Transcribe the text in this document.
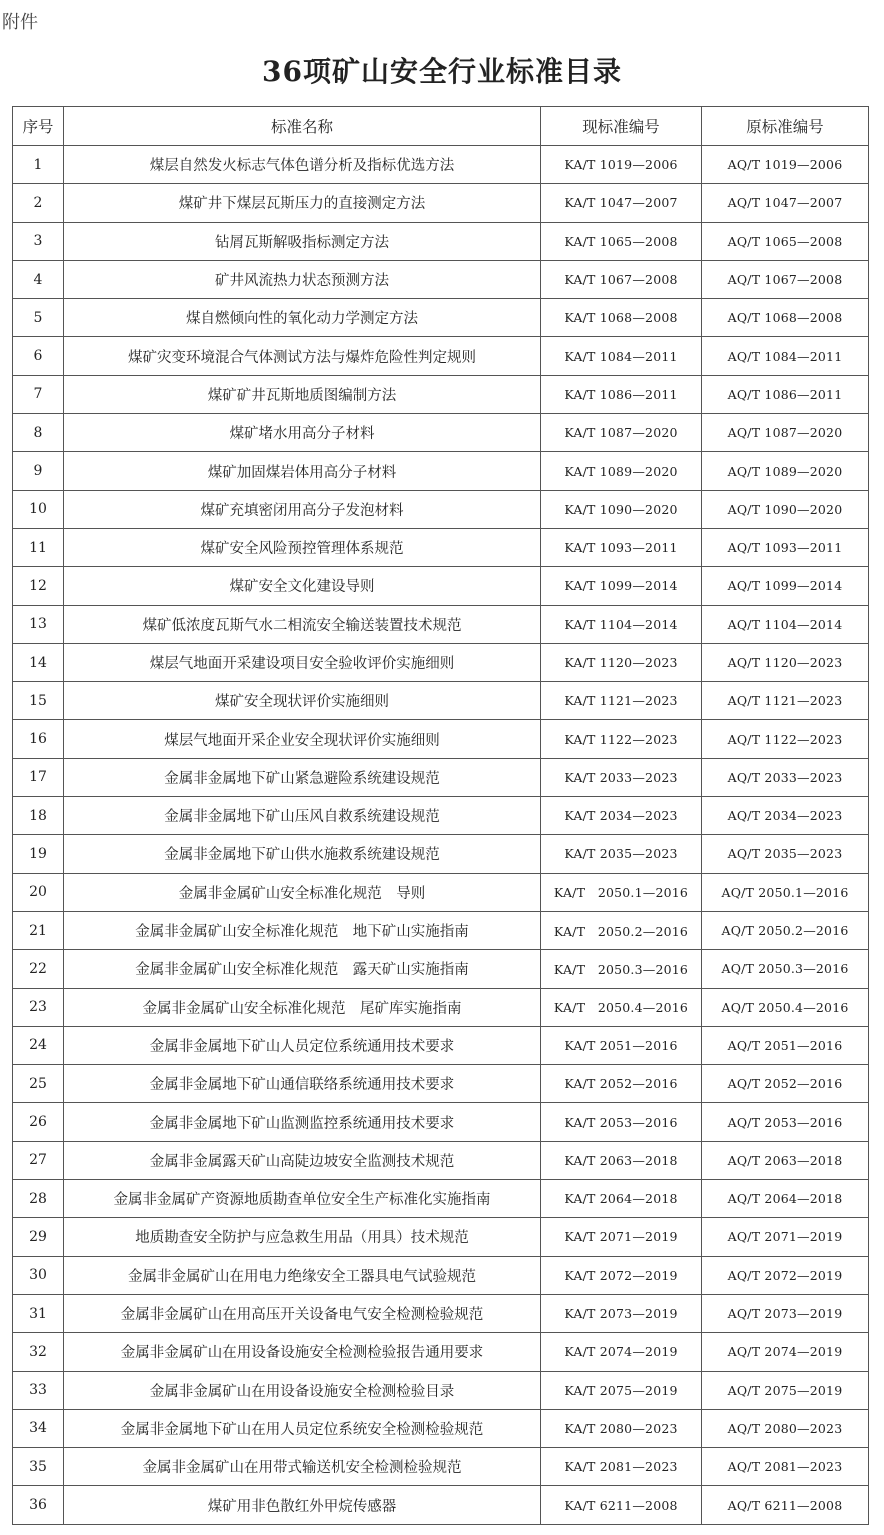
附件
36项矿山安全行业标准目录
序号	标准名称	现标准编号	原标准编号
1	煤层自然发火标志气体色谱分析及指标优选方法	KA/T 1019—2006	AQ/T 1019—2006
2	煤矿井下煤层瓦斯压力的直接测定方法	KA/T 1047—2007	AQ/T 1047—2007
3	钻屑瓦斯解吸指标测定方法	KA/T 1065—2008	AQ/T 1065—2008
4	矿井风流热力状态预测方法	KA/T 1067—2008	AQ/T 1067—2008
5	煤自燃倾向性的氧化动力学测定方法	KA/T 1068—2008	AQ/T 1068—2008
6	煤矿灾变环境混合气体测试方法与爆炸危险性判定规则	KA/T 1084—2011	AQ/T 1084—2011
7	煤矿矿井瓦斯地质图编制方法	KA/T 1086—2011	AQ/T 1086—2011
8	煤矿堵水用高分子材料	KA/T 1087—2020	AQ/T 1087—2020
9	煤矿加固煤岩体用高分子材料	KA/T 1089—2020	AQ/T 1089—2020
10	煤矿充填密闭用高分子发泡材料	KA/T 1090—2020	AQ/T 1090—2020
11	煤矿安全风险预控管理体系规范	KA/T 1093—2011	AQ/T 1093—2011
12	煤矿安全文化建设导则	KA/T 1099—2014	AQ/T 1099—2014
13	煤矿低浓度瓦斯气水二相流安全输送装置技术规范	KA/T 1104—2014	AQ/T 1104—2014
14	煤层气地面开采建设项目安全验收评价实施细则	KA/T 1120—2023	AQ/T 1120—2023
15	煤矿安全现状评价实施细则	KA/T 1121—2023	AQ/T 1121—2023
16	煤层气地面开采企业安全现状评价实施细则	KA/T 1122—2023	AQ/T 1122—2023
17	金属非金属地下矿山紧急避险系统建设规范	KA/T 2033—2023	AQ/T 2033—2023
18	金属非金属地下矿山压风自救系统建设规范	KA/T 2034—2023	AQ/T 2034—2023
19	金属非金属地下矿山供水施救系统建设规范	KA/T 2035—2023	AQ/T 2035—2023
20	金属非金属矿山安全标准化规范　导则	KA/T　2050.1—2016	AQ/T 2050.1—2016
21	金属非金属矿山安全标准化规范　地下矿山实施指南	KA/T　2050.2—2016	AQ/T 2050.2—2016
22	金属非金属矿山安全标准化规范　露天矿山实施指南	KA/T　2050.3—2016	AQ/T 2050.3—2016
23	金属非金属矿山安全标准化规范　尾矿库实施指南	KA/T　2050.4—2016	AQ/T 2050.4—2016
24	金属非金属地下矿山人员定位系统通用技术要求	KA/T 2051—2016	AQ/T 2051—2016
25	金属非金属地下矿山通信联络系统通用技术要求	KA/T 2052—2016	AQ/T 2052—2016
26	金属非金属地下矿山监测监控系统通用技术要求	KA/T 2053—2016	AQ/T 2053—2016
27	金属非金属露天矿山高陡边坡安全监测技术规范	KA/T 2063—2018	AQ/T 2063—2018
28	金属非金属矿产资源地质勘查单位安全生产标准化实施指南	KA/T 2064—2018	AQ/T 2064—2018
29	地质勘查安全防护与应急救生用品（用具）技术规范	KA/T 2071—2019	AQ/T 2071—2019
30	金属非金属矿山在用电力绝缘安全工器具电气试验规范	KA/T 2072—2019	AQ/T 2072—2019
31	金属非金属矿山在用高压开关设备电气安全检测检验规范	KA/T 2073—2019	AQ/T 2073—2019
32	金属非金属矿山在用设备设施安全检测检验报告通用要求	KA/T 2074—2019	AQ/T 2074—2019
33	金属非金属矿山在用设备设施安全检测检验目录	KA/T 2075—2019	AQ/T 2075—2019
34	金属非金属地下矿山在用人员定位系统安全检测检验规范	KA/T 2080—2023	AQ/T 2080—2023
35	金属非金属矿山在用带式输送机安全检测检验规范	KA/T 2081—2023	AQ/T 2081—2023
36	煤矿用非色散红外甲烷传感器	KA/T 6211—2008	AQ/T 6211—2008
